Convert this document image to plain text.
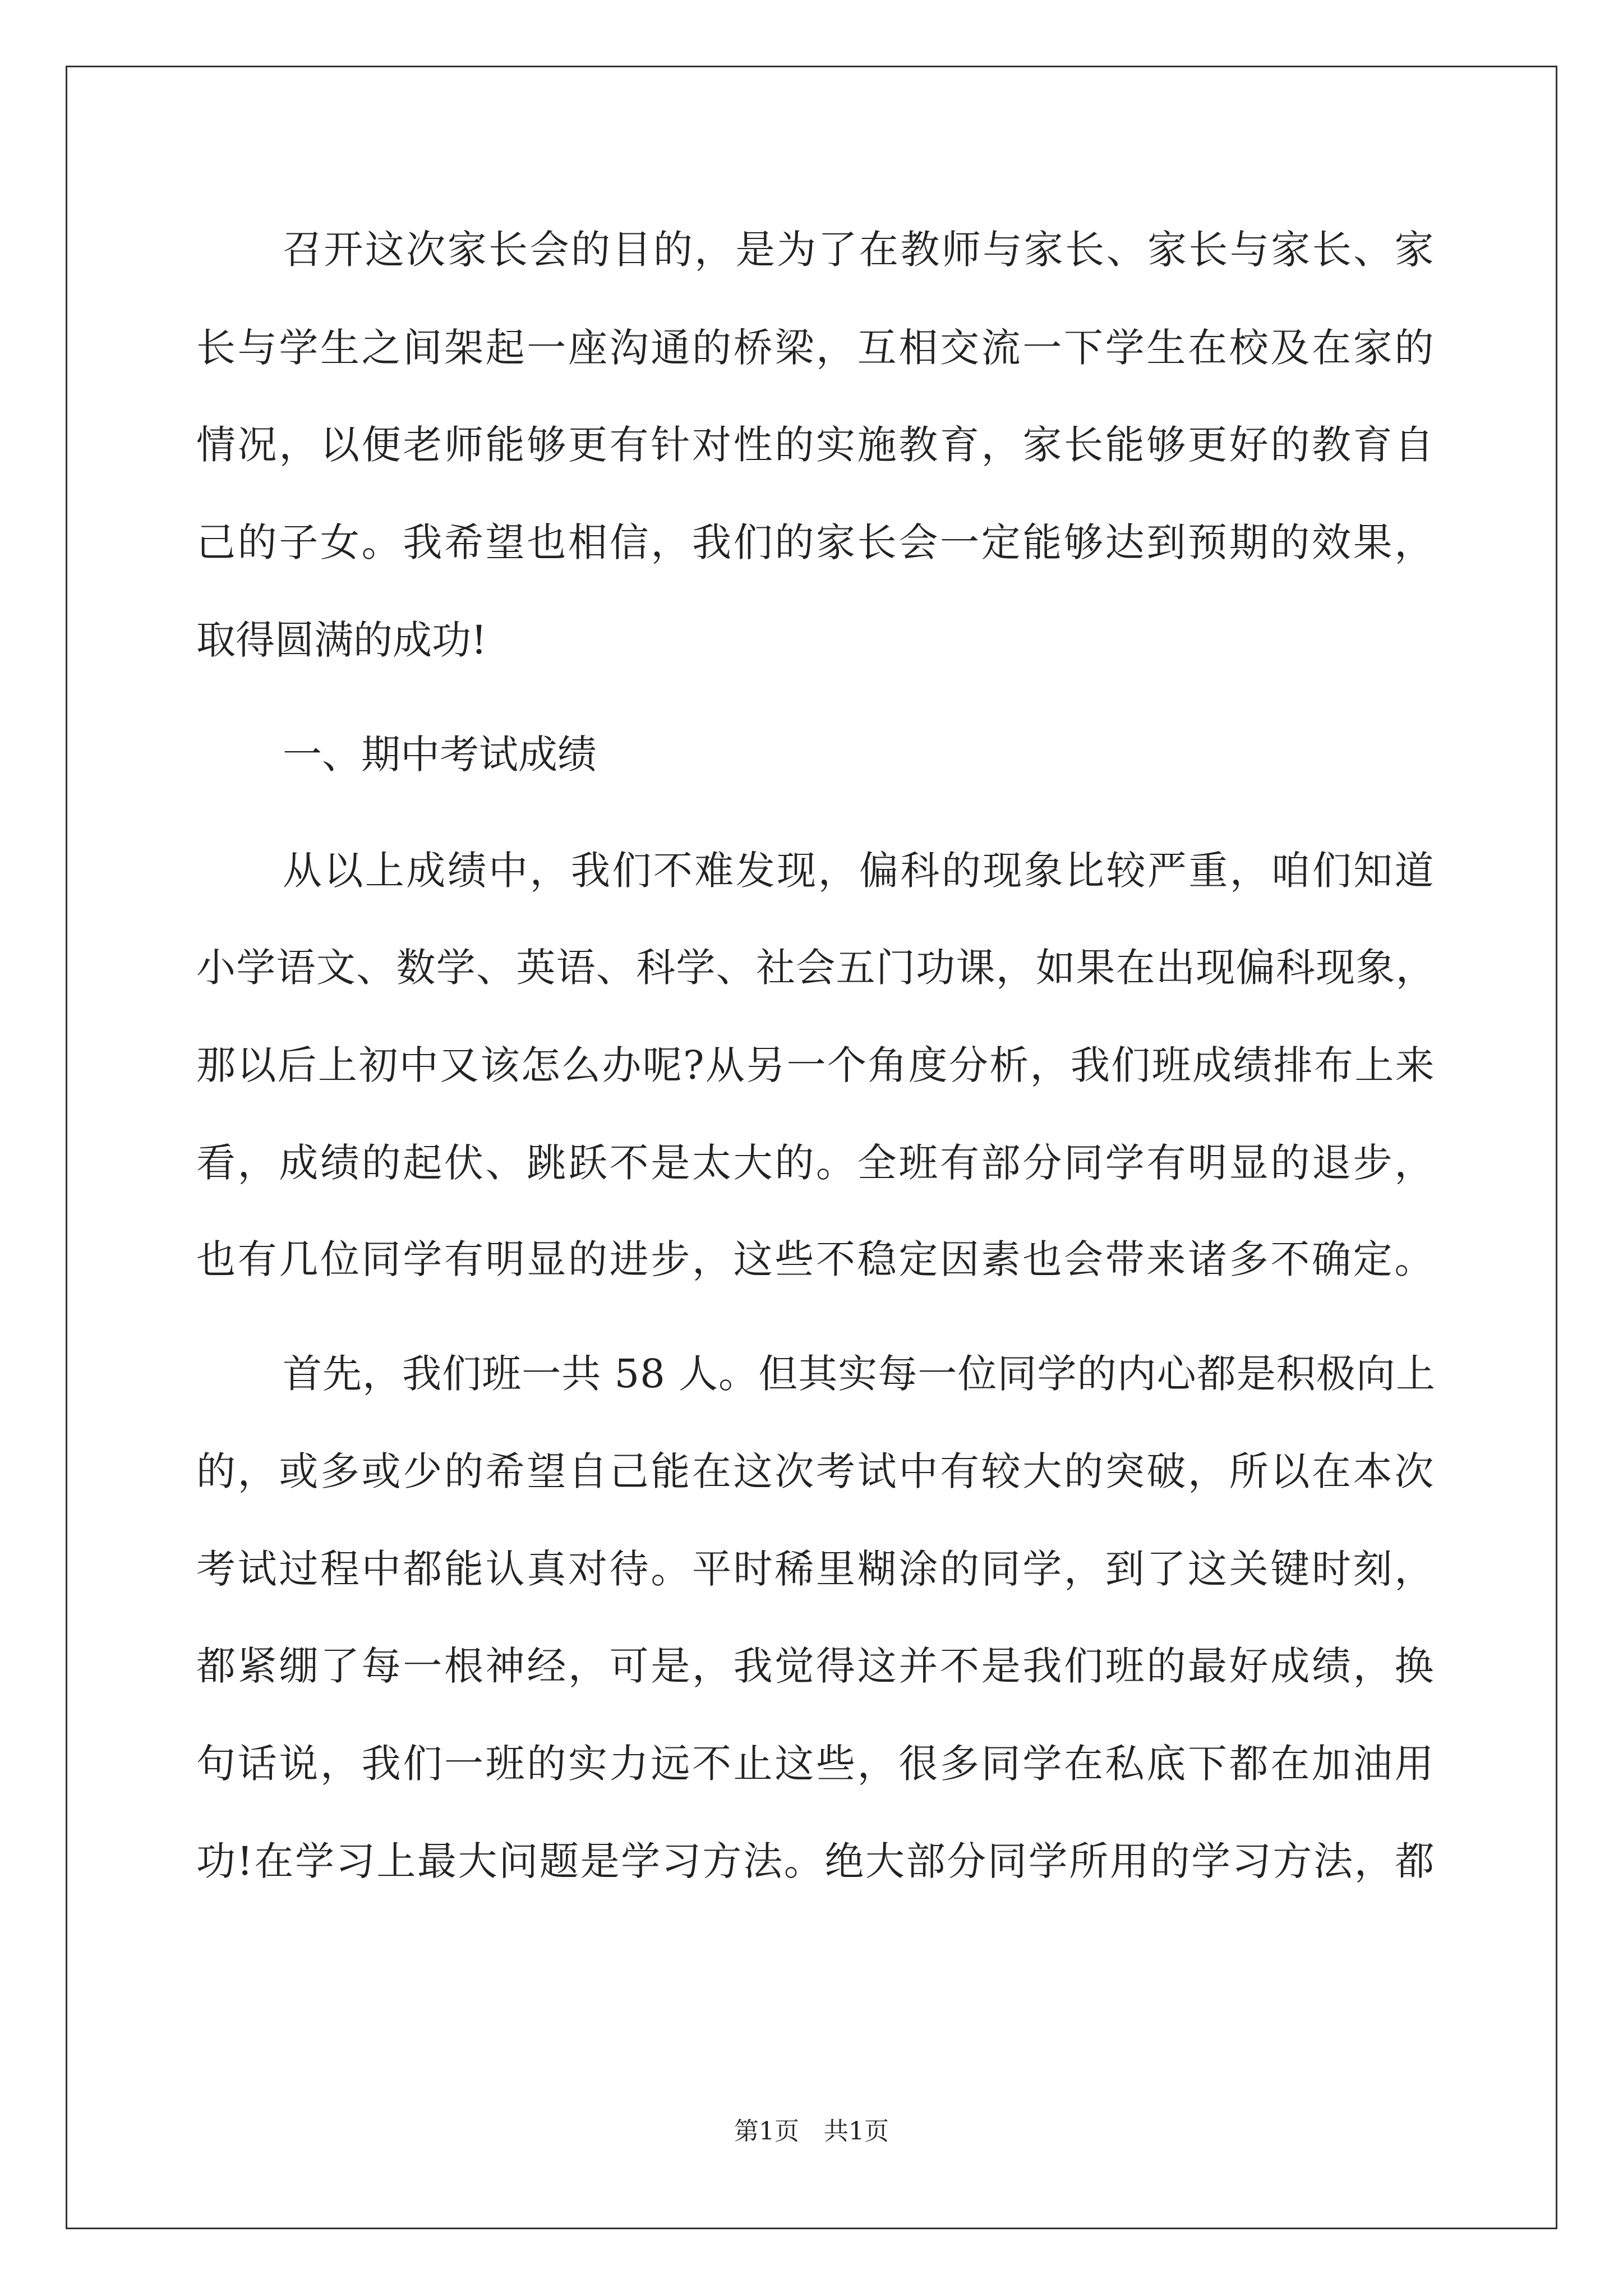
召开这次家长会的目的，是为了在教师与家长、家长与家长、家
长与学生之间架起一座沟通的桥梁，互相交流一下学生在校及在家的
情况，以便老师能够更有针对性的实施教育，家长能够更好的教育自
己的子女。我希望也相信，我们的家长会一定能够达到预期的效果，
取得圆满的成功!
一、期中考试成绩
从以上成绩中，我们不难发现，偏科的现象比较严重，咱们知道
小学语文、数学、英语、科学、社会五门功课，如果在出现偏科现象，
那以后上初中又该怎么办呢?从另一个角度分析，我们班成绩排布上来
看，成绩的起伏、跳跃不是太大的。全班有部分同学有明显的退步，
也有几位同学有明显的进步，这些不稳定因素也会带来诸多不确定。
首先，我们班一共 58 人。但其实每一位同学的内心都是积极向上
的，或多或少的希望自己能在这次考试中有较大的突破，所以在本次
考试过程中都能认真对待。平时稀里糊涂的同学，到了这关键时刻，
都紧绷了每一根神经，可是，我觉得这并不是我们班的最好成绩，换
句话说，我们一班的实力远不止这些，很多同学在私底下都在加油用
功!在学习上最大问题是学习方法。绝大部分同学所用的学习方法，都
第1页　共1页
